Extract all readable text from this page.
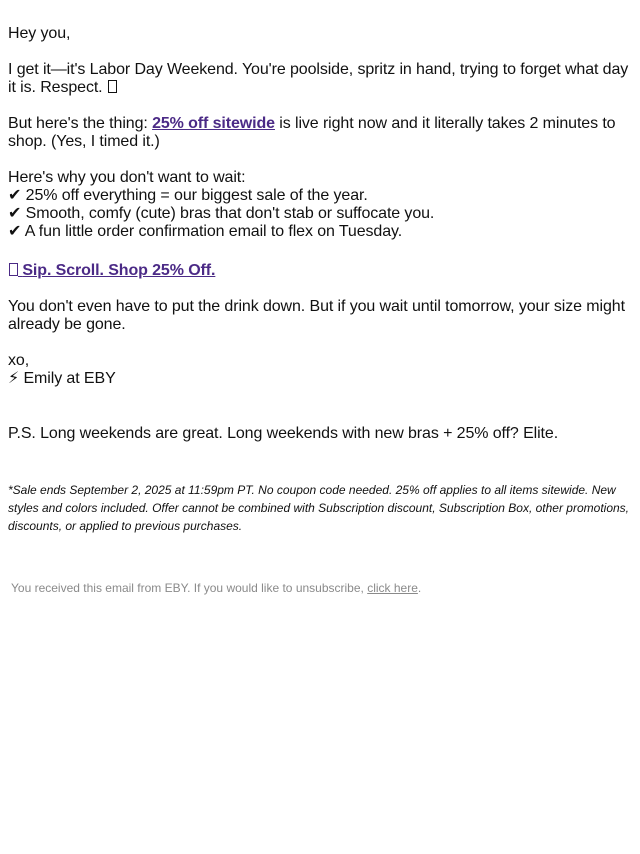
Hey you,
I get it—it's Labor Day Weekend. You're poolside, spritz in hand, trying to forget what day it is. Respect.
But here's the thing: 25% off sitewide is live right now and it literally takes 2 minutes to shop. (Yes, I timed it.)
Here's why you don't want to wait:
✔ 25% off everything = our biggest sale of the year.
✔ Smooth, comfy (cute) bras that don't stab or suffocate you.
✔ A fun little order confirmation email to flex on Tuesday.
Sip. Scroll. Shop 25% Off.
You don't even have to put the drink down. But if you wait until tomorrow, your size might already be gone.
xo,
⚡ Emily at EBY
P.S. Long weekends are great. Long weekends with new bras + 25% off? Elite.
*Sale ends September 2, 2025 at 11:59pm PT. No coupon code needed. 25% off applies to all items sitewide. New styles and colors included. Offer cannot be combined with Subscription discount, Subscription Box, other promotions, discounts, or applied to previous purchases.
You received this email from EBY. If you would like to unsubscribe, click here.
